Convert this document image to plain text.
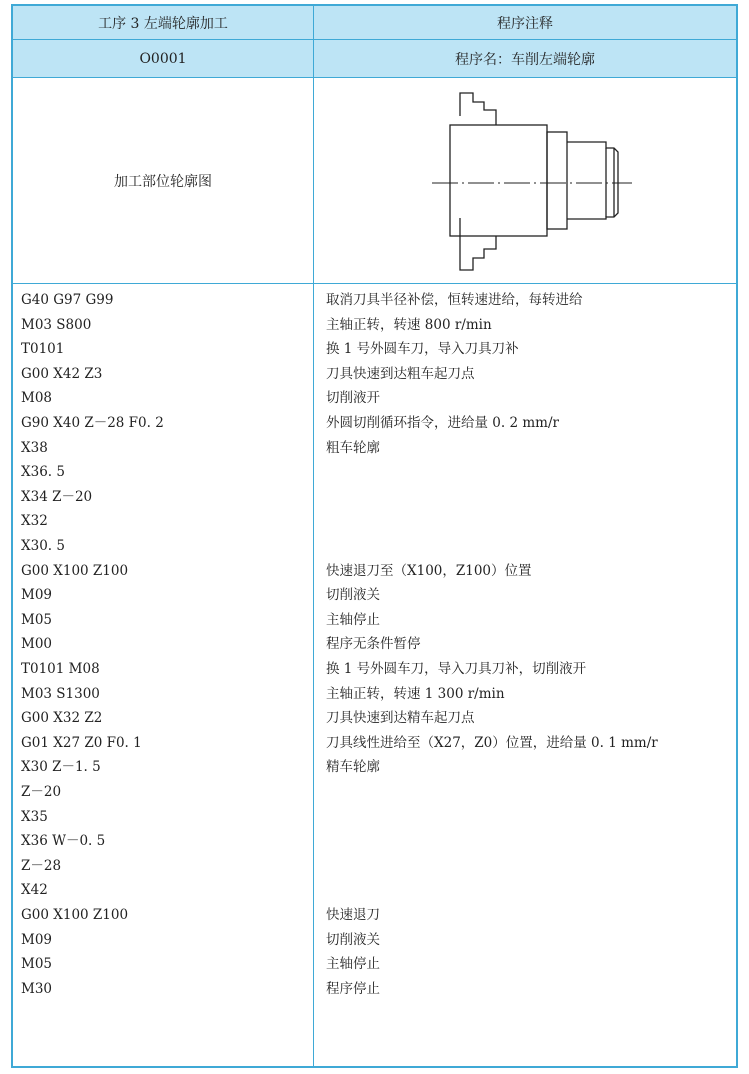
工序 3 左端轮廓加工	程序注释
O0001	程序名：车削左端轮廓
加工部位轮廓图
G40 G97 G99	取消刀具半径补偿，恒转速进给，每转进给
M03 S800	主轴正转，转速 800 r/min
T0101	换 1 号外圆车刀，导入刀具刀补
G00 X42 Z3	刀具快速到达粗车起刀点
M08	切削液开
G90 X40 Z－28 F0. 2	外圆切削循环指令，进给量 0. 2 mm/r
X38	粗车轮廓
X36. 5
X34 Z－20
X32
X30. 5
G00 X100 Z100	快速退刀至（X100，Z100）位置
M09	切削液关
M05	主轴停止
M00	程序无条件暂停
T0101 M08	换 1 号外圆车刀，导入刀具刀补，切削液开
M03 S1300	主轴正转，转速 1 300 r/min
G00 X32 Z2	刀具快速到达精车起刀点
G01 X27 Z0 F0. 1	刀具线性进给至（X27，Z0）位置，进给量 0. 1 mm/r
X30 Z－1. 5	精车轮廓
Z－20
X35
X36 W－0. 5
Z－28
X42
G00 X100 Z100	快速退刀
M09	切削液关
M05	主轴停止
M30	程序停止
